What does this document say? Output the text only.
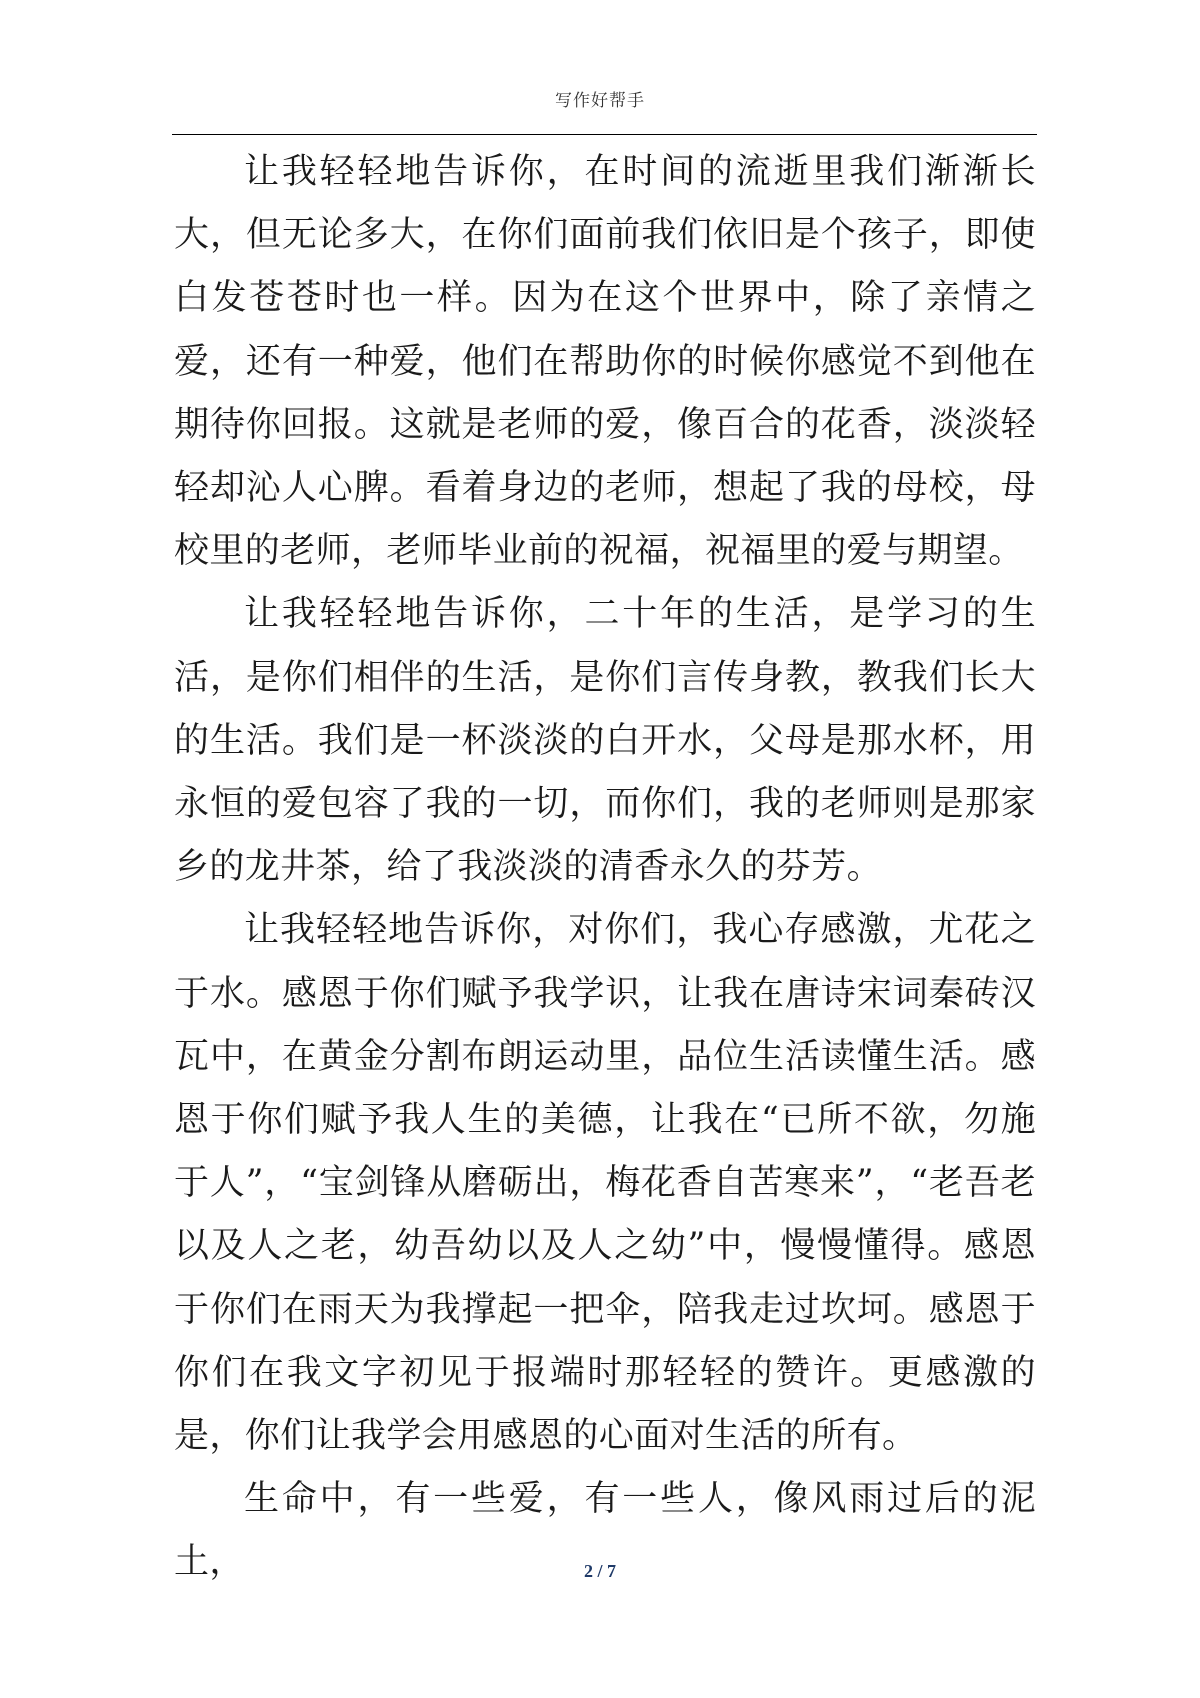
写作好帮手

让我轻轻地告诉你，在时间的流逝里我们渐渐长大，但无论多大，在你们面前我们依旧是个孩子，即使白发苍苍时也一样。因为在这个世界中，除了亲情之爱，还有一种爱，他们在帮助你的时候你感觉不到他在期待你回报。这就是老师的爱，像百合的花香，淡淡轻轻却沁人心脾。看着身边的老师，想起了我的母校，母校里的老师，老师毕业前的祝福，祝福里的爱与期望。

让我轻轻地告诉你，二十年的生活，是学习的生活，是你们相伴的生活，是你们言传身教，教我们长大的生活。我们是一杯淡淡的白开水，父母是那水杯，用永恒的爱包容了我的一切，而你们，我的老师则是那家乡的龙井茶，给了我淡淡的清香永久的芬芳。

让我轻轻地告诉你，对你们，我心存感激，尤花之于水。感恩于你们赋予我学识，让我在唐诗宋词秦砖汉瓦中，在黄金分割布朗运动里，品位生活读懂生活。感恩于你们赋予我人生的美德，让我在“已所不欲，勿施于人”，“宝剑锋从磨砺出，梅花香自苦寒来”，“老吾老以及人之老，幼吾幼以及人之幼”中，慢慢懂得。感恩于你们在雨天为我撑起一把伞，陪我走过坎坷。感恩于你们在我文字初见于报端时那轻轻的赞许。更感激的是，你们让我学会用感恩的心面对生活的所有。

生命中，有一些爱，有一些人，像风雨过后的泥土，	2 / 7
